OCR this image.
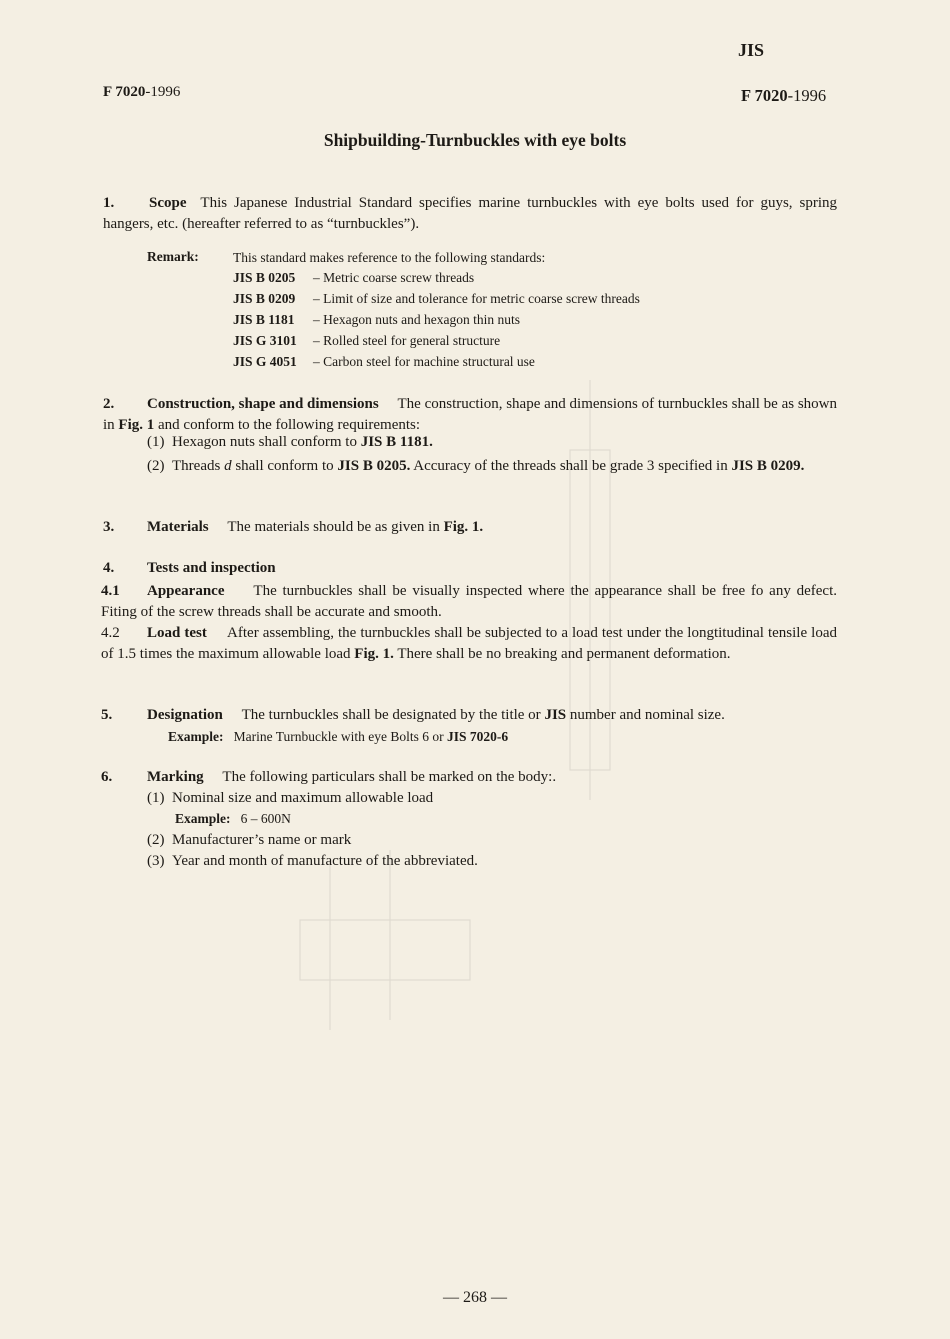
JIS
F 7020-1996	F 7020-1996
Shipbuilding-Turnbuckles with eye bolts
1. Scope This Japanese Industrial Standard specifies marine turnbuckles with eye bolts used for guys, spring hangers, etc. (hereafter referred to as “turnbuckles”).
Remark:	This standard makes reference to the following standards:
JIS B 0205 – Metric coarse screw threads
JIS B 0209 – Limit of size and tolerance for metric coarse screw threads
JIS B 1181 – Hexagon nuts and hexagon thin nuts
JIS G 3101 – Rolled steel for general structure
JIS G 4051 – Carbon steel for machine structural use
2. Construction, shape and dimensions The construction, shape and dimensions of turnbuckles shall be as shown in Fig. 1 and conform to the following requirements:
(1) Hexagon nuts shall conform to JIS B 1181.
(2) Threads d shall conform to JIS B 0205. Accuracy of the threads shall be grade 3 specified in JIS B 0209.
3. Materials The materials should be as given in Fig. 1.
4. Tests and inspection
4.1 Appearance The turnbuckles shall be visually inspected where the appearance shall be free fo any defect. Fiting of the screw threads shall be accurate and smooth.
4.2 Load test After assembling, the turnbuckles shall be subjected to a load test under the longtitudinal tensile load of 1.5 times the maximum allowable load Fig. 1. There shall be no breaking and permanent deformation.
5. Designation The turnbuckles shall be designated by the title or JIS number and nominal size.
Example: Marine Turnbuckle with eye Bolts 6 or JIS 7020-6
6. Marking The following particulars shall be marked on the body:.
(1) Nominal size and maximum allowable load
Example: 6 – 600N
(2) Manufacturer’s name or mark
(3) Year and month of manufacture of the abbreviated.
— 268 —
